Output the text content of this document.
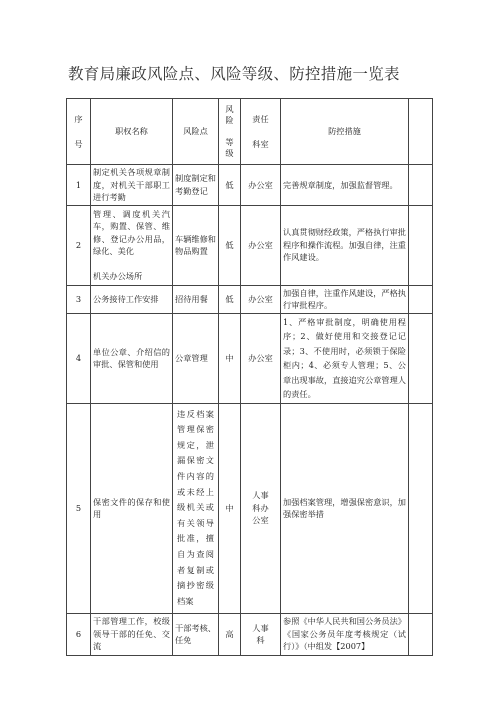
教育局廉政风险点、风险等级、防控措施一览表
序

号	职权名称	风险点	风
险

等
级	责任

科室	防控措施	
1	制定机关各项规章制度，对机关干部职工进行考勤	制度制定和考勤登记	低	办公室	完善规章制度，加强监督管理。	
2	管理、调度机关汽车，购置、保管、维修、登记办公用品，绿化、美化

机关办公场所	车辆维修和物品购置	低	办公室	认真贯彻财经政策，严格执行审批程序和操作流程。加强自律，注重作风建设。	
3	公务接待工作安排	招待用餐	低	办公室	加强自律，注重作风建设，严格执行审批程序。	
4	单位公章、介绍信的审批、保管和使用	公章管理	中	办公室	1、严格审批制度，明确使用程序；2、做好使用和交接登记记录；3、不使用时，必须锁于保险柜内；4、必须专人管理；5、公章出现事故，直接追究公章管理人的责任。	
5	保密文件的保存和使用	违反档案管理保密规定，泄漏保密文件内容的或未经上级机关或有关领导批准，擅自为查阅者复制或摘抄密级档案	中	人事科办公室	加强档案管理，增强保密意识，加强保密举措	
6	干部管理工作，校级领导干部的任免、交流	干部考核、任免	高	人事科	参照《中华人民共和国公务员法》《国家公务员年度考核规定（试行）》（中组发【2007】	
